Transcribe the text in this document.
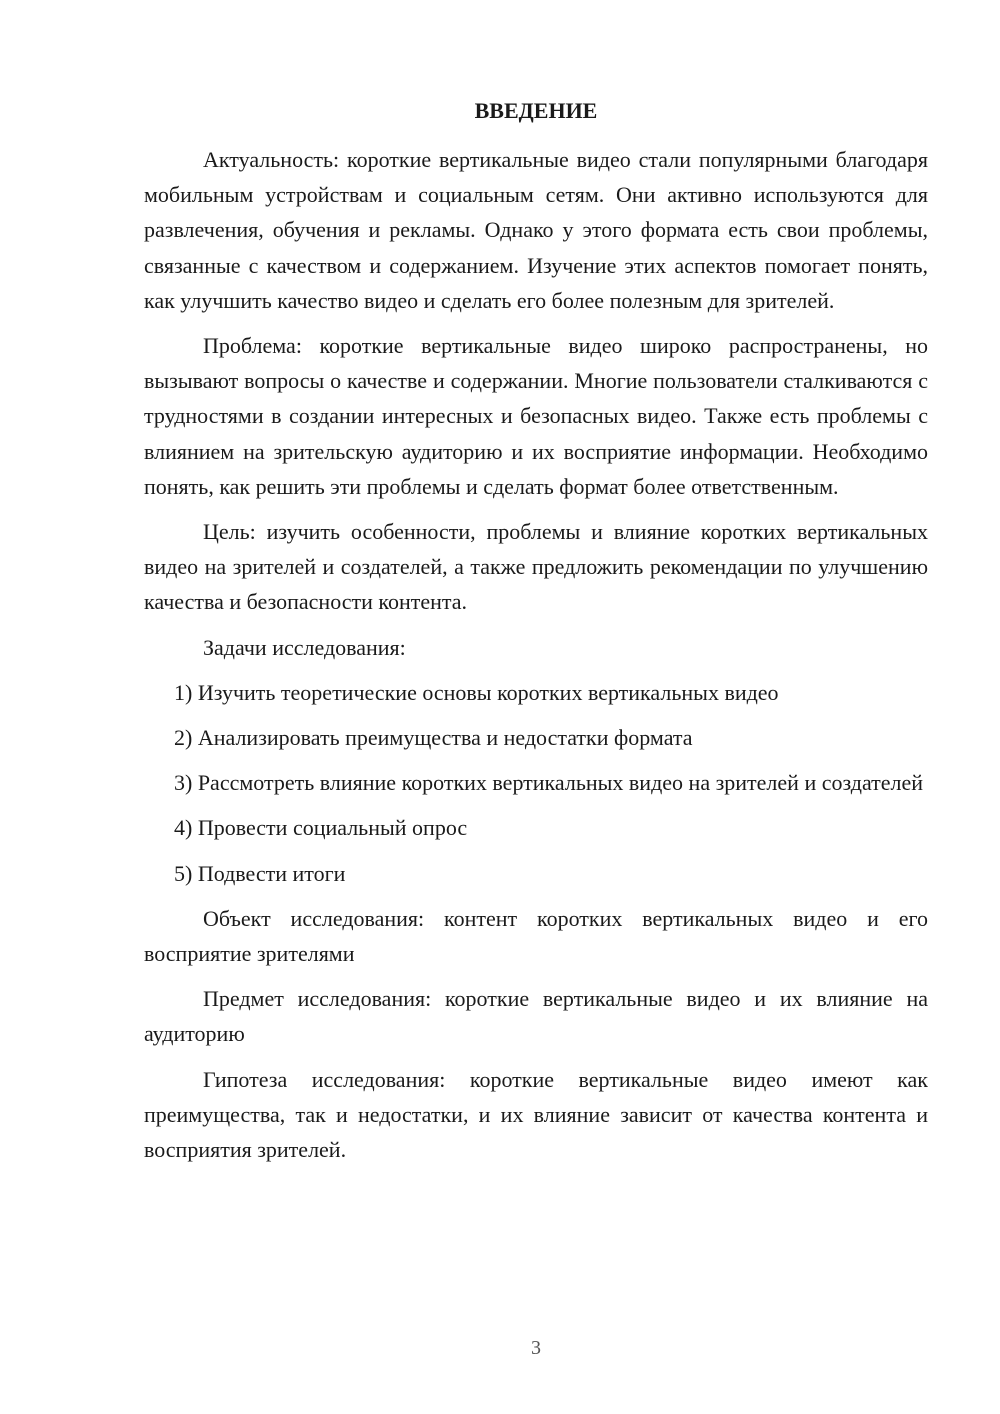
ВВЕДЕНИЕ

Актуальность: короткие вертикальные видео стали популярными благодаря мобильным устройствам и социальным сетям. Они активно используются для развлечения, обучения и рекламы. Однако у этого формата есть свои проблемы, связанные с качеством и содержанием. Изучение этих аспектов помогает понять, как улучшить качество видео и сделать его более полезным для зрителей.

Проблема: короткие вертикальные видео широко распространены, но вызывают вопросы о качестве и содержании. Многие пользователи сталкиваются с трудностями в создании интересных и безопасных видео. Также есть проблемы с влиянием на зрительскую аудиторию и их восприятие информации. Необходимо понять, как решить эти проблемы и сделать формат более ответственным.

Цель: изучить особенности, проблемы и влияние коротких вертикальных видео на зрителей и создателей, а также предложить рекомендации по улучшению качества и безопасности контента.

Задачи исследования:

1) Изучить теоретические основы коротких вертикальных видео

2) Анализировать преимущества и недостатки формата

3) Рассмотреть влияние коротких вертикальных видео на зрителей и создателей

4) Провести социальный опрос

5) Подвести итоги

Объект исследования: контент коротких вертикальных видео и его восприятие зрителями

Предмет исследования: короткие вертикальные видео и их влияние на аудиторию

Гипотеза исследования: короткие вертикальные видео имеют как преимущества, так и недостатки, и их влияние зависит от качества контента и восприятия зрителей.

3
